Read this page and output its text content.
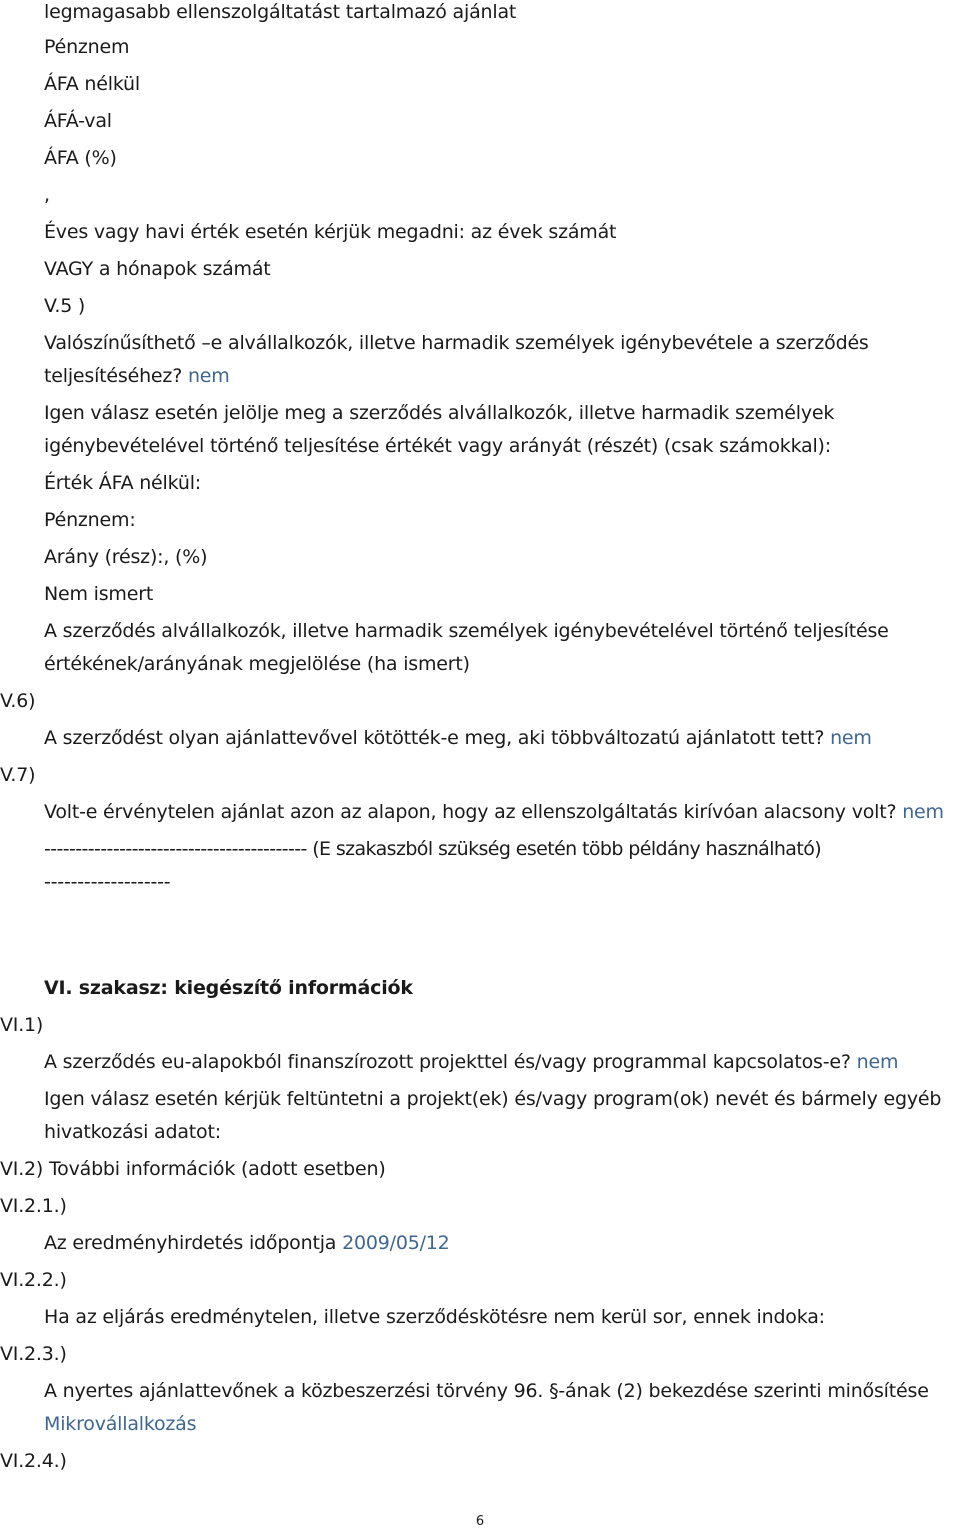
legmagasabb ellenszolgáltatást tartalmazó ajánlat
Pénznem
ÁFA nélkül
ÁFÁ-val
ÁFA (%)
,
Éves vagy havi érték esetén kérjük megadni: az évek számát
VAGY a hónapok számát
V.5 )
Valószínűsíthető –e alvállalkozók, illetve harmadik személyek igénybevétele a szerződés
teljesítéséhez? nem
Igen válasz esetén jelölje meg a szerződés alvállalkozók, illetve harmadik személyek
igénybevételével történő teljesítése értékét vagy arányát (részét) (csak számokkal):
Érték ÁFA nélkül:
Pénznem:
Arány (rész):, (%)
Nem ismert
A szerződés alvállalkozók, illetve harmadik személyek igénybevételével történő teljesítése
értékének/arányának megjelölése (ha ismert)
V.6)
A szerződést olyan ajánlattevővel kötötték-e meg, aki többváltozatú ajánlatott tett? nem
V.7)
Volt-e érvénytelen ajánlat azon az alapon, hogy az ellenszolgáltatás kirívóan alacsony volt? nem
------------------------------------------ (E szakaszból szükség esetén több példány használható)
-------------------
VI. szakasz: kiegészítő információk
VI.1)
A szerződés eu-alapokból finanszírozott projekttel és/vagy programmal kapcsolatos-e? nem
Igen válasz esetén kérjük feltüntetni a projekt(ek) és/vagy program(ok) nevét és bármely egyéb
hivatkozási adatot:
VI.2) További információk (adott esetben)
VI.2.1.)
Az eredményhirdetés időpontja 2009/05/12
VI.2.2.)
Ha az eljárás eredménytelen, illetve szerződéskötésre nem kerül sor, ennek indoka:
VI.2.3.)
A nyertes ajánlattevőnek a közbeszerzési törvény 96. §-ának (2) bekezdése szerinti minősítése
Mikrovállalkozás
VI.2.4.)
6
